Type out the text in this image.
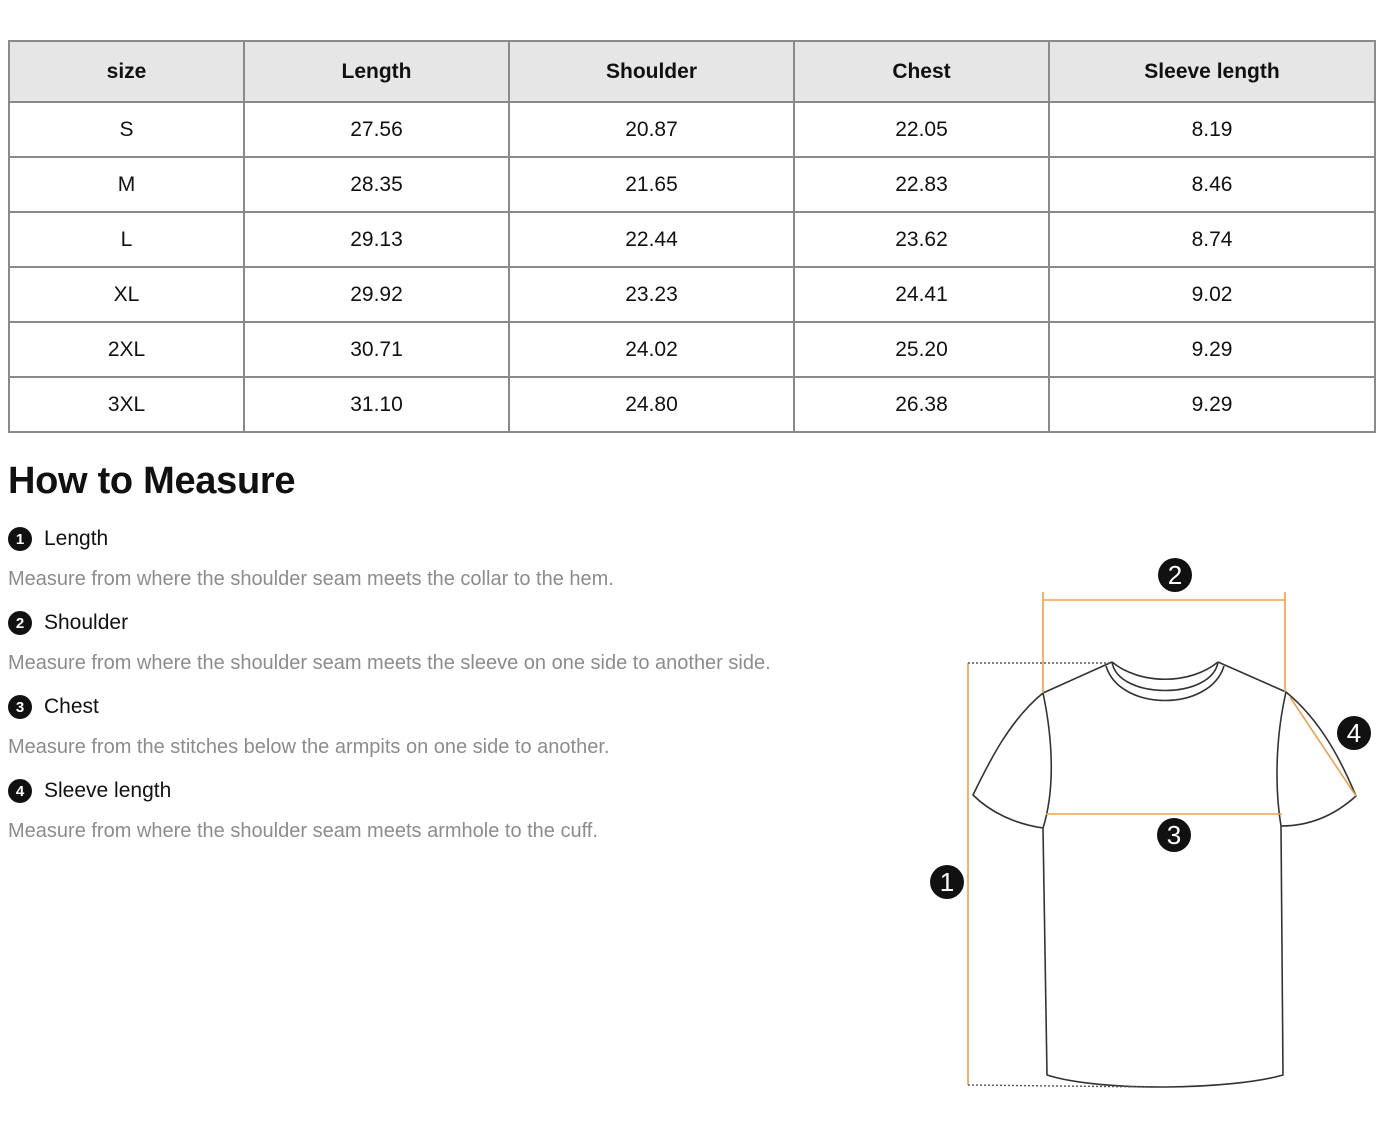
size	Length	Shoulder	Chest	Sleeve length
S	27.56	20.87	22.05	8.19
M	28.35	21.65	22.83	8.46
L	29.13	22.44	23.62	8.74
XL	29.92	23.23	24.41	9.02
2XL	30.71	24.02	25.20	9.29
3XL	31.10	24.80	26.38	9.29
How to Measure
1 Length

Measure from where the shoulder seam meets the collar to the hem.

2 Shoulder

Measure from where the shoulder seam meets the sleeve on one side to another side.

3 Chest

Measure from the stitches below the armpits on one side to another.

4 Sleeve length

Measure from where the shoulder seam meets armhole to the cuff.

1
2
3
4
